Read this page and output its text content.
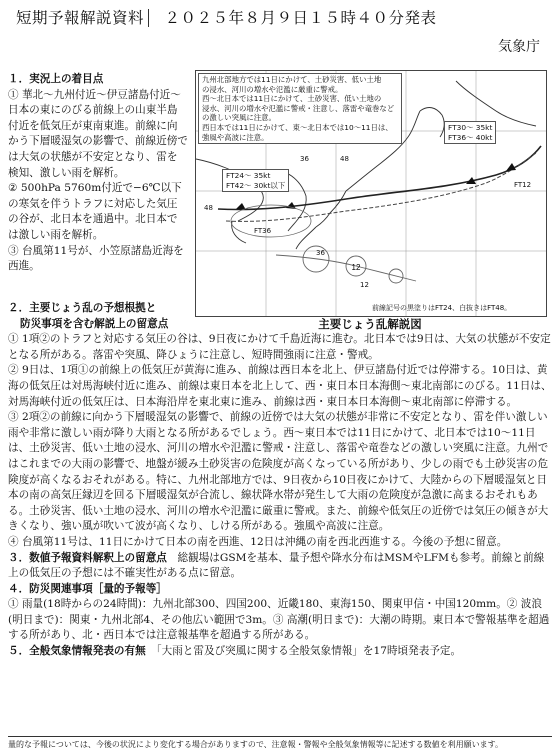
短期予報解説資料 ２０２５年８月９日１５時４０分発表
気象庁
１．実況上の着目点
① 華北～九州付近～伊豆諸島付近～日本の東にのびる前線上の山東半島付近を低気圧が東南東進。前線に向かう下層暖湿気の影響で、前線近傍では大気の状態が不安定となり、雷を検知、激しい雨を解析。
② 500hPa 5760m付近で−6℃以下の寒気を伴うトラフに対応した気圧の谷が、北日本を通過中。北日本では激しい雨を解析。
③ 台風第11号が、小笠原諸島近海を西進。	12
九州北部地方では11日にかけて、土砂災害、低い土地
の浸水、河川の増水や氾濫に厳重に警戒。
西～北日本では11日にかけて、土砂災害、低い土地の
浸水、河川の増水や氾濫に警戒・注意し、落雷や竜巻など
の激しい突風に注意。
西日本では11日にかけて、東～北日本では10～11日は、
強風や高波に注意。
FT30～ 35kt
FT36～ 40kt
FT24～ 35kt
FT42～ 30kt以下	FT12
FT36
36	48
12
48
36
前線記号の黒塗りはFT24、白抜きはFT48。
主要じょう乱解説図
２．主要じょう乱の予想根拠と
防災事項を含む解説上の留意点

① 1項②のトラフと対応する気圧の谷は、9日夜にかけて千島近海に進む。北日本では9日は、大気の状態が不安定となる所がある。落雷や突風、降ひょうに注意し、短時間強雨に注意・警戒。

② 9日は、1項①の前線上の低気圧が黄海に進み、前線は西日本を北上、伊豆諸島付近では停滞する。10日は、黄海の低気圧は対馬海峡付近に進み、前線は東日本を北上して、西・東日本日本海側～東北南部にのびる。11日は、対馬海峡付近の低気圧は、日本海沿岸を東北東に進み、前線は西・東日本日本海側～東北南部に停滞する。

③ 2項②の前線に向かう下層暖湿気の影響で、前線の近傍では大気の状態が非常に不安定となり、雷を伴い激しい雨や非常に激しい雨が降り大雨となる所があるでしょう。西～東日本では11日にかけて、北日本では10～11日は、土砂災害、低い土地の浸水、河川の増水や氾濫に警戒・注意し、落雷や竜巻などの激しい突風に注意。九州ではこれまでの大雨の影響で、地盤が緩み土砂災害の危険度が高くなっている所があり、少しの雨でも土砂災害の危険度が高くなるおそれがある。特に、九州北部地方では、9日夜から10日夜にかけて、大陸からの下層暖湿気と日本の南の高気圧縁辺を回る下層暖湿気が合流し、線状降水帯が発生して大雨の危険度が急激に高まるおそれもある。土砂災害、低い土地の浸水、河川の増水や氾濫に厳重に警戒。また、前線や低気圧の近傍では気圧の傾きが大きくなり、強い風が吹いて波が高くなり、しける所がある。強風や高波に注意。

④ 台風第11号は、11日にかけて日本の南を西進、12日は沖縄の南を西北西進する。今後の予想に留意。

３．数値予報資料解釈上の留意点　 総観場はGSMを基本、量予想や降水分布はMSMやLFMも参考。前線と前線上の低気圧の予想には不確実性がある点に留意。

４．防災関連事項［量的予報等］

① 雨量(18時からの24時間)：九州北部300、四国200、近畿180、東海150、関東甲信・中国120mm。② 波浪(明日まで)：関東・九州北部4、その他広い範囲で3m。③ 高潮(明日まで)：大潮の時期。東日本で警報基準を超過する所があり、北・西日本では注意報基準を超過する所がある。

５．全般気象情報発表の有無　 「大雨と雷及び突風に関する全般気象情報」を17時頃発表予定。

量的な予報については、今後の状況により変化する場合がありますので、注意報・警報や全般気象情報等に記述する数値を利用願います。
